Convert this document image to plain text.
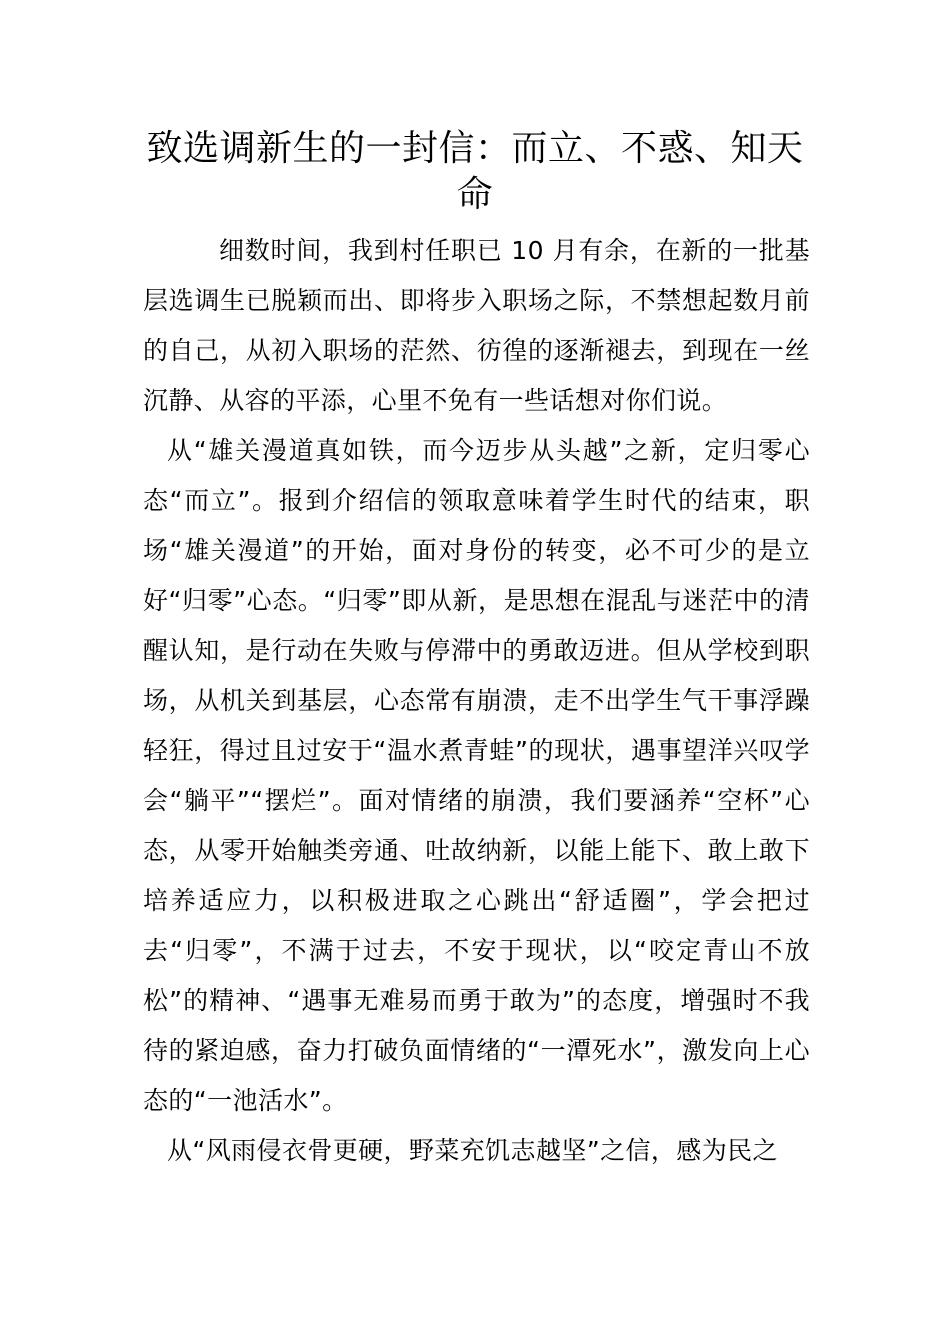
致选调新生的一封信：而立、不惑、知天命

细数时间，我到村任职已 10 月有余，在新的一批基层选调生已脱颖而出、即将步入职场之际，不禁想起数月前的自己，从初入职场的茫然、彷徨的逐渐褪去，到现在一丝沉静、从容的平添，心里不免有一些话想对你们说。

从“雄关漫道真如铁，而今迈步从头越”之新，定归零心态“而立”。报到介绍信的领取意味着学生时代的结束，职场“雄关漫道”的开始，面对身份的转变，必不可少的是立好“归零”心态。“归零”即从新，是思想在混乱与迷茫中的清醒认知，是行动在失败与停滞中的勇敢迈进。但从学校到职场，从机关到基层，心态常有崩溃，走不出学生气干事浮躁轻狂，得过且过安于“温水煮青蛙”的现状，遇事望洋兴叹学会“躺平”“摆烂”。面对情绪的崩溃，我们要涵养“空杯”心态，从零开始触类旁通、吐故纳新，以能上能下、敢上敢下培养适应力，以积极进取之心跳出“舒适圈”，学会把过去“归零”，不满于过去，不安于现状，以“咬定青山不放松”的精神、“遇事无难易而勇于敢为”的态度，增强时不我待的紧迫感，奋力打破负面情绪的“一潭死水”，激发向上心态的“一池活水”。

从“风雨侵衣骨更硬，野菜充饥志越坚”之信，感为民之
